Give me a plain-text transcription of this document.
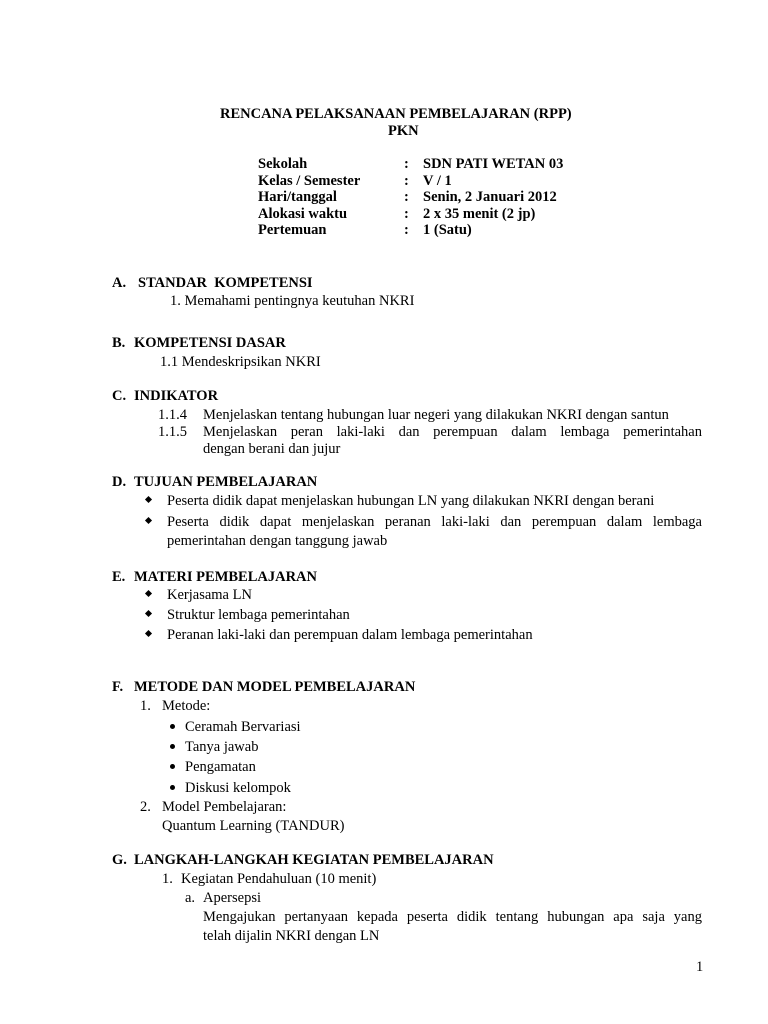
RENCANA PELAKSANAAN PEMBELAJARAN (RPP)
PKN
Sekolah	: SDN PATI WETAN 03
Kelas / Semester	: V / 1
Hari/tanggal	: Senin, 2 Januari 2012
Alokasi waktu	: 2 x 35 menit (2 jp)
Pertemuan	: 1 (Satu)
A. STANDAR  KOMPETENSI
1. Memahami pentingnya keutuhan NKRI
B. KOMPETENSI DASAR
1.1 Mendeskripsikan NKRI
C. INDIKATOR
1.1.4 Menjelaskan tentang hubungan luar negeri yang dilakukan NKRI dengan santun
1.1.5 Menjelaskan peran laki-laki dan perempuan dalam lembaga pemerintahan
dengan berani dan jujur
D. TUJUAN PEMBELAJARAN
Peserta didik dapat menjelaskan hubungan LN yang dilakukan NKRI dengan berani
Peserta didik dapat menjelaskan peranan laki-laki dan perempuan dalam lembaga
pemerintahan dengan tanggung jawab
E. MATERI PEMBELAJARAN
Kerjasama LN
Struktur lembaga pemerintahan
Peranan laki-laki dan perempuan dalam lembaga pemerintahan
F. METODE DAN MODEL PEMBELAJARAN
1. Metode:
Ceramah Bervariasi
Tanya jawab
Pengamatan
Diskusi kelompok
2. Model Pembelajaran:
Quantum Learning (TANDUR)
G. LANGKAH-LANGKAH KEGIATAN PEMBELAJARAN
1. Kegiatan Pendahuluan (10 menit)
a. Apersepsi
Mengajukan pertanyaan kepada peserta didik tentang hubungan apa saja yang
telah dijalin NKRI dengan LN
1
